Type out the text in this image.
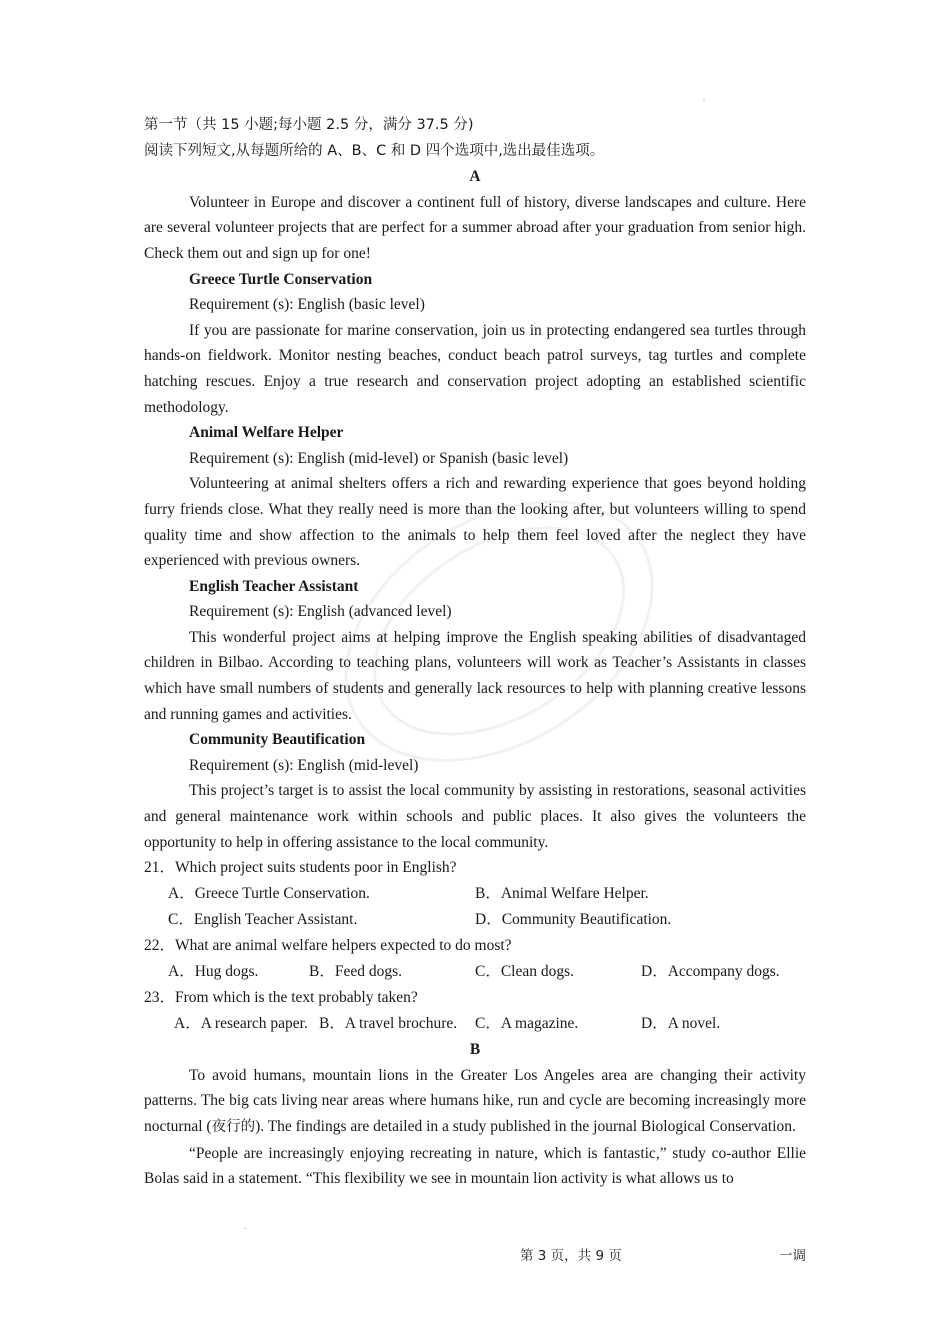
第一节（共 15 小题;每小题 2.5 分，满分 37.5 分)

阅读下列短文,从每题所给的 A、B、C 和 D 四个选项中,选出最佳选项。

A

Volunteer in Europe and discover a continent full of history, diverse landscapes and culture. Here are several volunteer projects that are perfect for a summer abroad after your graduation from senior high. Check them out and sign up for one!

Greece Turtle Conservation

Requirement (s): English (basic level)

If you are passionate for marine conservation, join us in protecting endangered sea turtles through hands-on fieldwork. Monitor nesting beaches, conduct beach patrol surveys, tag turtles and complete hatching rescues. Enjoy a true research and conservation project adopting an established scientific methodology.

Animal Welfare Helper

Requirement (s): English (mid-level) or Spanish (basic level)

Volunteering at animal shelters offers a rich and rewarding experience that goes beyond holding furry friends close. What they really need is more than the looking after, but volunteers willing to spend quality time and show affection to the animals to help them feel loved after the neglect they have experienced with previous owners.

English Teacher Assistant

Requirement (s): English (advanced level)

This wonderful project aims at helping improve the English speaking abilities of disadvantaged children in Bilbao. According to teaching plans, volunteers will work as Teacher’s Assistants in classes which have small numbers of students and generally lack resources to help with planning creative lessons and running games and activities.

Community Beautification

Requirement (s): English (mid-level)

This project’s target is to assist the local community by assisting in restorations, seasonal activities and general maintenance work within schools and public places. It also gives the volunteers the opportunity to help in offering assistance to the local community.

21．Which project suits students poor in English?

A．Greece Turtle Conservation.	B．Animal Welfare Helper.
C．English Teacher Assistant.	D．Community Beautification.

22．What are animal welfare helpers expected to do most?

A．Hug dogs.	B．Feed dogs.	C．Clean dogs.	D．Accompany dogs.

23．From which is the text probably taken?

A．A research paper. B．A travel brochure. C．A magazine.	D．A novel.

B

To avoid humans, mountain lions in the Greater Los Angeles area are changing their activity patterns. The big cats living near areas where humans hike, run and cycle are becoming increasingly more nocturnal (夜行的). The findings are detailed in a study published in the journal Biological Conservation.

“People are increasingly enjoying recreating in nature, which is fantastic,” study co-author Ellie Bolas said in a statement. “This flexibility we see in mountain lion activity is what allows us to

第 3 页，共 9 页	一调
